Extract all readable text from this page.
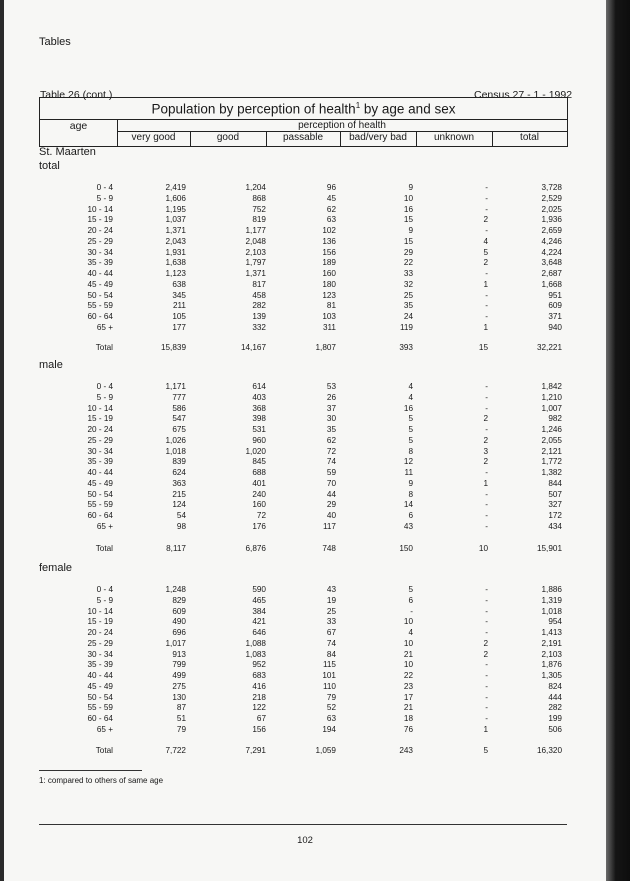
Tables
Table 26 (cont.)	Census 27 - 1 - 1992
Population by perception of health$^1$ by age and sex
age	perception of health
very good	good	passable	bad/very bad	unknown	total
St. Maarten
total
0 - 4	2,419	1,204	96	9	-	3,728
5 - 9	1,606	868	45	10	-	2,529
10 - 14	1,195	752	62	16	-	2,025
15 - 19	1,037	819	63	15	2	1,936
20 - 24	1,371	1,177	102	9	-	2,659
25 - 29	2,043	2,048	136	15	4	4,246
30 - 34	1,931	2,103	156	29	5	4,224
35 - 39	1,638	1,797	189	22	2	3,648
40 - 44	1,123	1,371	160	33	-	2,687
45 - 49	638	817	180	32	1	1,668
50 - 54	345	458	123	25	-	951
55 - 59	211	282	81	35	-	609
60 - 64	105	139	103	24	-	371
65 +	177	332	311	119	1	940
Total	15,839	14,167	1,807	393	15	32,221
male
0 - 4	1,171	614	53	4	-	1,842
5 - 9	777	403	26	4	-	1,210
10 - 14	586	368	37	16	-	1,007
15 - 19	547	398	30	5	2	982
20 - 24	675	531	35	5	-	1,246
25 - 29	1,026	960	62	5	2	2,055
30 - 34	1,018	1,020	72	8	3	2,121
35 - 39	839	845	74	12	2	1,772
40 - 44	624	688	59	11	-	1,382
45 - 49	363	401	70	9	1	844
50 - 54	215	240	44	8	-	507
55 - 59	124	160	29	14	-	327
60 - 64	54	72	40	6	-	172
65 +	98	176	117	43	-	434
Total	8,117	6,876	748	150	10	15,901
female
0 - 4	1,248	590	43	5	-	1,886
5 - 9	829	465	19	6	-	1,319
10 - 14	609	384	25	-	-	1,018
15 - 19	490	421	33	10	-	954
20 - 24	696	646	67	4	-	1,413
25 - 29	1,017	1,088	74	10	2	2,191
30 - 34	913	1,083	84	21	2	2,103
35 - 39	799	952	115	10	-	1,876
40 - 44	499	683	101	22	-	1,305
45 - 49	275	416	110	23	-	824
50 - 54	130	218	79	17	-	444
55 - 59	87	122	52	21	-	282
60 - 64	51	67	63	18	-	199
65 +	79	156	194	76	1	506
Total	7,722	7,291	1,059	243	5	16,320
1: compared to others of same age
102
